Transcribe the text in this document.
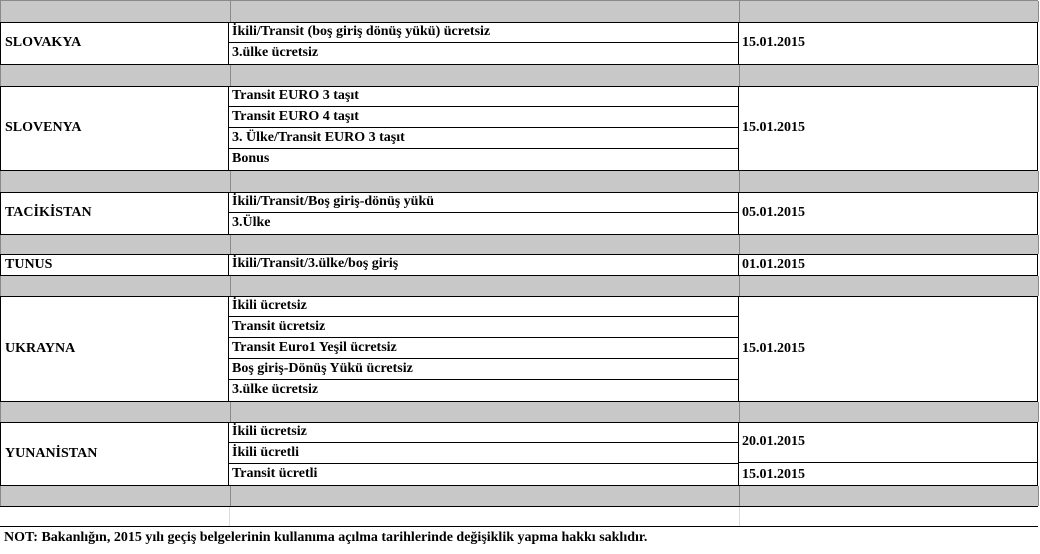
SLOVAKYA
İkili/Transit (boş giriş dönüş yükü) ücretsiz
3.ülke ücretsiz
15.01.2015
SLOVENYA
Transit EURO 3 taşıt
Transit EURO 4 taşıt
3. Ülke/Transit EURO 3 taşıt
Bonus
15.01.2015
TACİKİSTAN
İkili/Transit/Boş giriş-dönüş yükü
3.Ülke
05.01.2015
TUNUS	İkili/Transit/3.ülke/boş giriş	01.01.2015
UKRAYNA
İkili ücretsiz
Transit ücretsiz
Transit Euro1 Yeşil ücretsiz
Boş giriş-Dönüş Yükü ücretsiz
3.ülke ücretsiz
15.01.2015
YUNANİSTAN
İkili ücretsiz
İkili ücretli
Transit ücretli
20.01.2015
15.01.2015
NOT: Bakanlığın, 2015 yılı geçiş belgelerinin kullanıma açılma tarihlerinde değişiklik yapma hakkı saklıdır.
